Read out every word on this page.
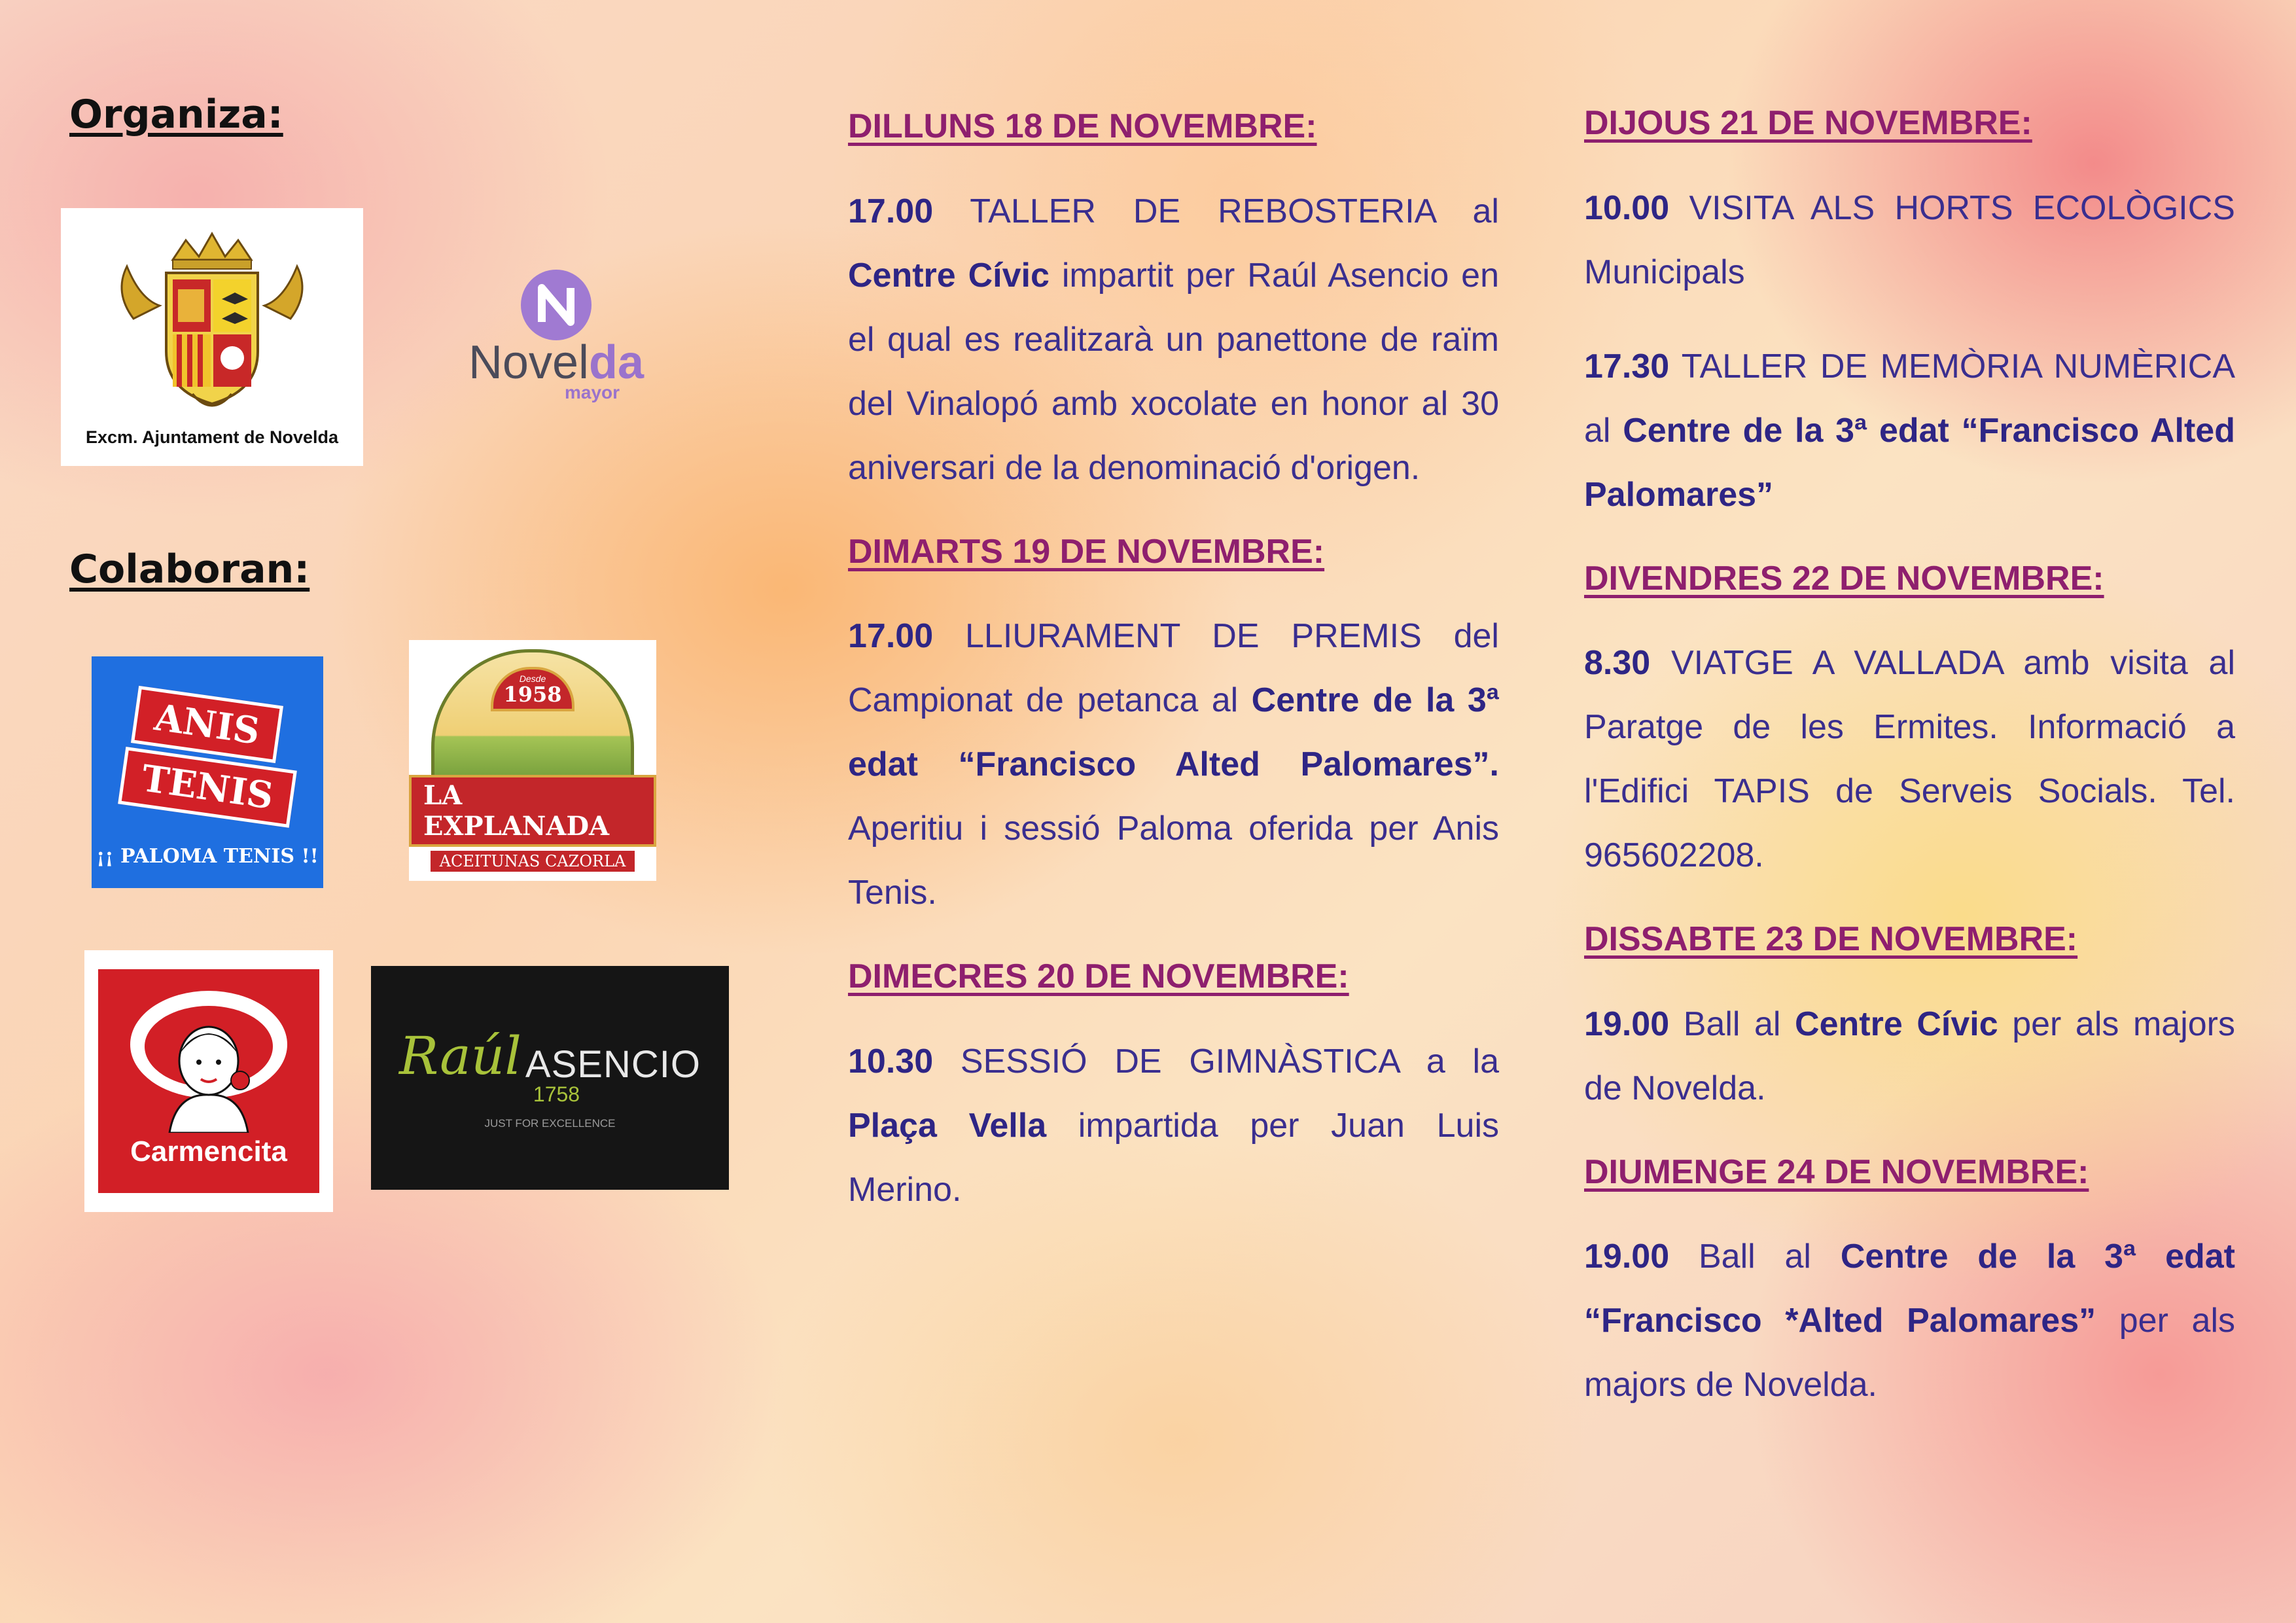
Organiza:
Excm. Ajuntament de Novelda
Novelda
mayor
Colaboran:
ANIS
TENIS
¡¡ PALOMA TENIS !!
Desde
1958
LA EXPLANADA
ACEITUNAS CAZORLA
Carmencita
Raúl ASENCIO
1758
JUST FOR EXCELLENCE

DILLUNS 18 DE NOVEMBRE:

17.00 TALLER DE REBOSTERIA al Centre Cívic impartit per Raúl Asencio en el qual es realitzarà un panettone de raïm del Vinalopó amb xocolate en honor al 30 aniversari de la denominació d'origen.

DIMARTS 19 DE NOVEMBRE:

17.00 LLIURAMENT DE PREMIS del Campionat de petanca al Centre de la 3ª edat “Francisco Alted Palomares”. Aperitiu i sessió Paloma oferida per Anis Tenis.

DIMECRES 20 DE NOVEMBRE:

10.30 SESSIÓ DE GIMNÀSTICA a la Plaça Vella impartida per Juan Luis Merino.

DIJOUS 21 DE NOVEMBRE:

10.00 VISITA ALS HORTS ECOLÒGICS Municipals

17.30 TALLER DE MEMÒRIA NUMÈRICA al Centre de la 3ª edat “Francisco Alted Palomares”

DIVENDRES 22 DE NOVEMBRE:

8.30 VIATGE A VALLADA amb visita al Paratge de les Ermites. Informació a l'Edifici TAPIS de Serveis Socials. Tel. 965602208.

DISSABTE 23 DE NOVEMBRE:

19.00 Ball al Centre Cívic per als majors de Novelda.

DIUMENGE 24 DE NOVEMBRE:

19.00 Ball al Centre de la 3ª edat “Francisco *Alted Palomares” per als majors de Novelda.
